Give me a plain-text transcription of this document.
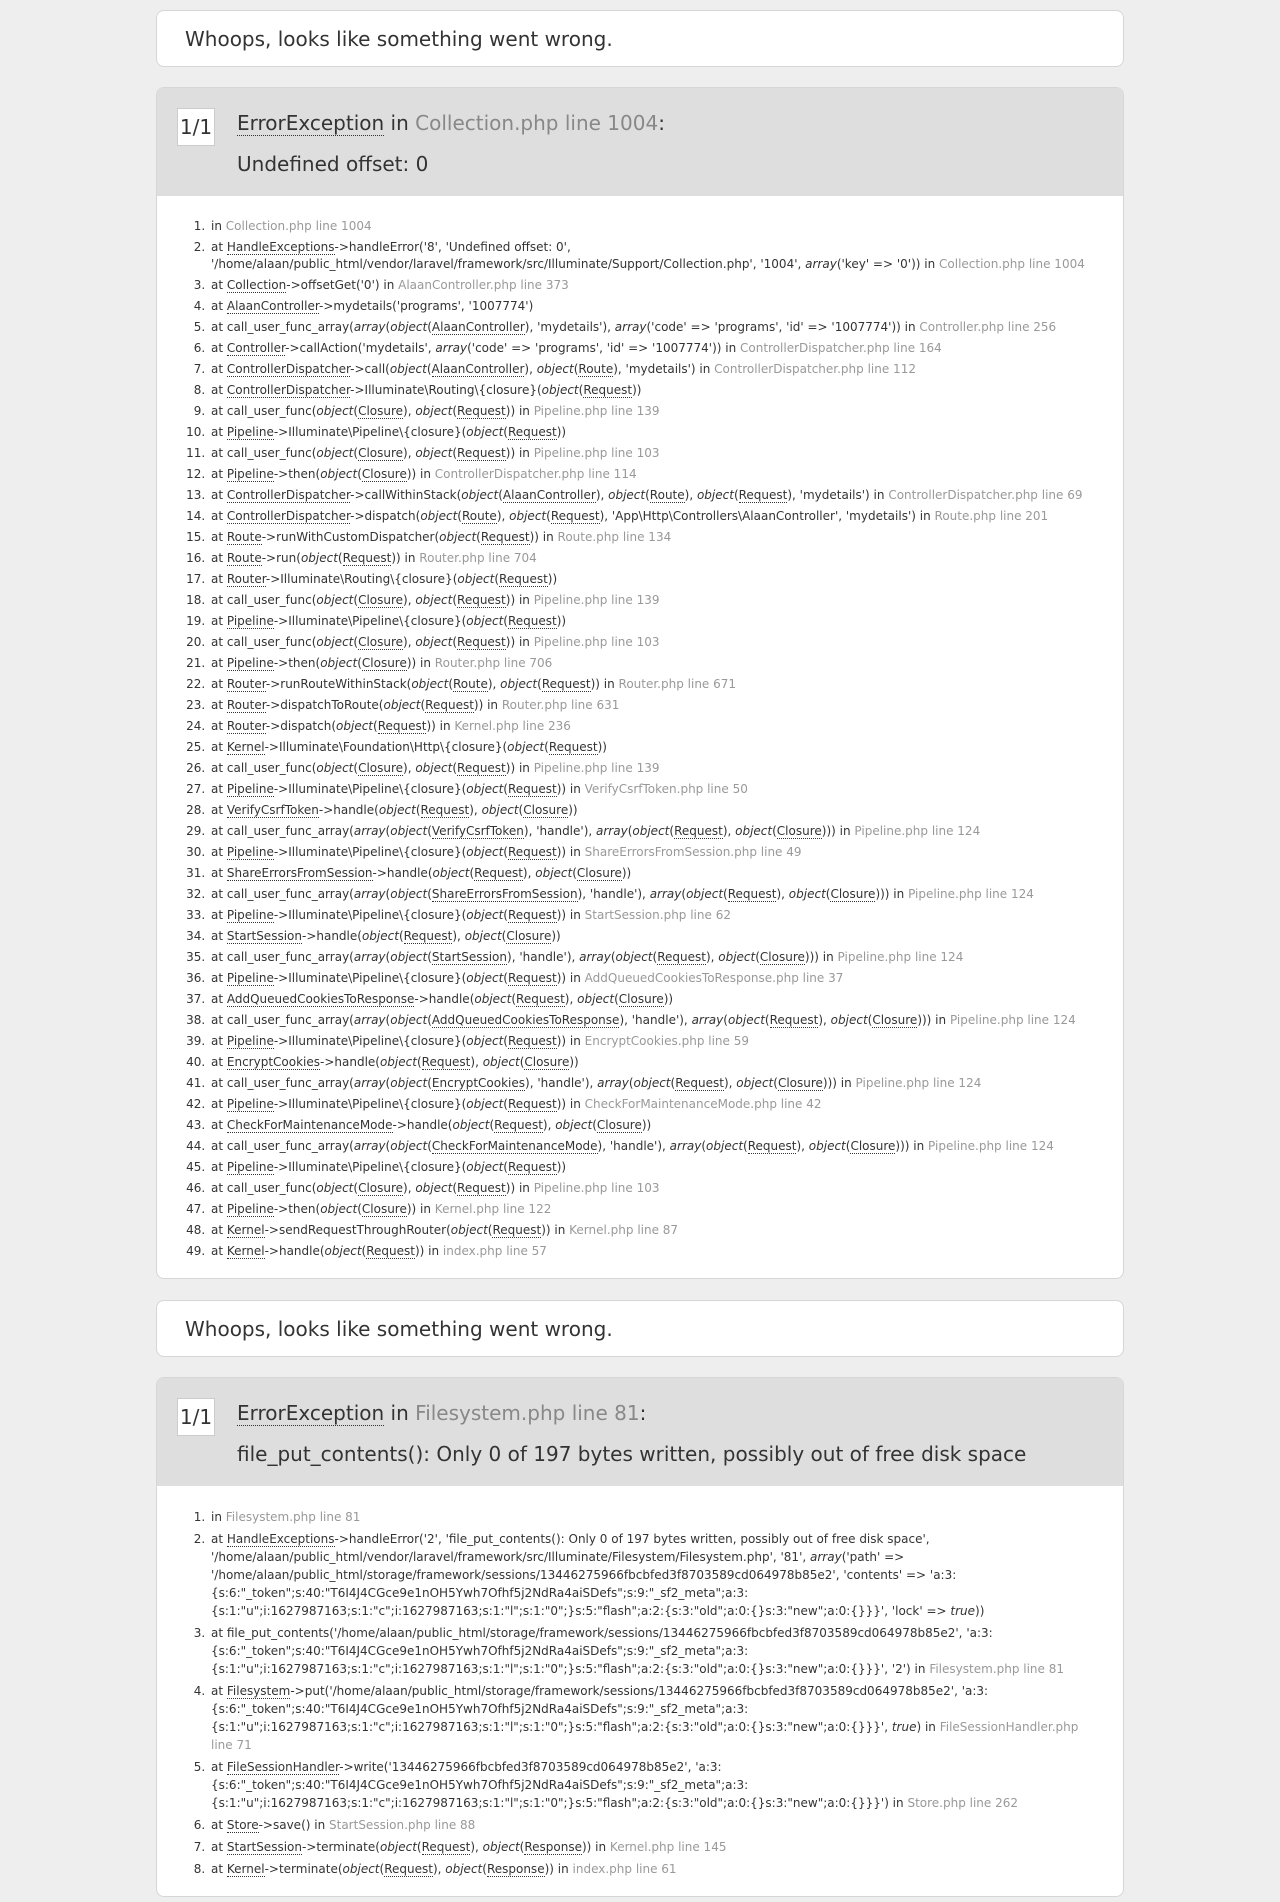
Whoops, looks like something went wrong.
1/1 ErrorException in Collection.php line 1004:
Undefined offset: 0
1. in Collection.php line 1004
2. at HandleExceptions->handleError('8', 'Undefined offset: 0', '/home/alaan/public_html/vendor/laravel/framework/src/Illuminate/Support/Collection.php', '1004', array('key' => '0')) in Collection.php line 1004
3. at Collection->offsetGet('0') in AlaanController.php line 373
4. at AlaanController->mydetails('programs', '1007774')
5. at call_user_func_array(array(object(AlaanController), 'mydetails'), array('code' => 'programs', 'id' => '1007774')) in Controller.php line 256
6. at Controller->callAction('mydetails', array('code' => 'programs', 'id' => '1007774')) in ControllerDispatcher.php line 164
7. at ControllerDispatcher->call(object(AlaanController), object(Route), 'mydetails') in ControllerDispatcher.php line 112
8. at ControllerDispatcher->Illuminate\Routing\{closure}(object(Request))
9. at call_user_func(object(Closure), object(Request)) in Pipeline.php line 139
10. at Pipeline->Illuminate\Pipeline\{closure}(object(Request))
11. at call_user_func(object(Closure), object(Request)) in Pipeline.php line 103
12. at Pipeline->then(object(Closure)) in ControllerDispatcher.php line 114
13. at ControllerDispatcher->callWithinStack(object(AlaanController), object(Route), object(Request), 'mydetails') in ControllerDispatcher.php line 69
14. at ControllerDispatcher->dispatch(object(Route), object(Request), 'App\Http\Controllers\AlaanController', 'mydetails') in Route.php line 201
15. at Route->runWithCustomDispatcher(object(Request)) in Route.php line 134
16. at Route->run(object(Request)) in Router.php line 704
17. at Router->Illuminate\Routing\{closure}(object(Request))
18. at call_user_func(object(Closure), object(Request)) in Pipeline.php line 139
19. at Pipeline->Illuminate\Pipeline\{closure}(object(Request))
20. at call_user_func(object(Closure), object(Request)) in Pipeline.php line 103
21. at Pipeline->then(object(Closure)) in Router.php line 706
22. at Router->runRouteWithinStack(object(Route), object(Request)) in Router.php line 671
23. at Router->dispatchToRoute(object(Request)) in Router.php line 631
24. at Router->dispatch(object(Request)) in Kernel.php line 236
25. at Kernel->Illuminate\Foundation\Http\{closure}(object(Request))
26. at call_user_func(object(Closure), object(Request)) in Pipeline.php line 139
27. at Pipeline->Illuminate\Pipeline\{closure}(object(Request)) in VerifyCsrfToken.php line 50
28. at VerifyCsrfToken->handle(object(Request), object(Closure))
29. at call_user_func_array(array(object(VerifyCsrfToken), 'handle'), array(object(Request), object(Closure))) in Pipeline.php line 124
30. at Pipeline->Illuminate\Pipeline\{closure}(object(Request)) in ShareErrorsFromSession.php line 49
31. at ShareErrorsFromSession->handle(object(Request), object(Closure))
32. at call_user_func_array(array(object(ShareErrorsFromSession), 'handle'), array(object(Request), object(Closure))) in Pipeline.php line 124
33. at Pipeline->Illuminate\Pipeline\{closure}(object(Request)) in StartSession.php line 62
34. at StartSession->handle(object(Request), object(Closure))
35. at call_user_func_array(array(object(StartSession), 'handle'), array(object(Request), object(Closure))) in Pipeline.php line 124
36. at Pipeline->Illuminate\Pipeline\{closure}(object(Request)) in AddQueuedCookiesToResponse.php line 37
37. at AddQueuedCookiesToResponse->handle(object(Request), object(Closure))
38. at call_user_func_array(array(object(AddQueuedCookiesToResponse), 'handle'), array(object(Request), object(Closure))) in Pipeline.php line 124
39. at Pipeline->Illuminate\Pipeline\{closure}(object(Request)) in EncryptCookies.php line 59
40. at EncryptCookies->handle(object(Request), object(Closure))
41. at call_user_func_array(array(object(EncryptCookies), 'handle'), array(object(Request), object(Closure))) in Pipeline.php line 124
42. at Pipeline->Illuminate\Pipeline\{closure}(object(Request)) in CheckForMaintenanceMode.php line 42
43. at CheckForMaintenanceMode->handle(object(Request), object(Closure))
44. at call_user_func_array(array(object(CheckForMaintenanceMode), 'handle'), array(object(Request), object(Closure))) in Pipeline.php line 124
45. at Pipeline->Illuminate\Pipeline\{closure}(object(Request))
46. at call_user_func(object(Closure), object(Request)) in Pipeline.php line 103
47. at Pipeline->then(object(Closure)) in Kernel.php line 122
48. at Kernel->sendRequestThroughRouter(object(Request)) in Kernel.php line 87
49. at Kernel->handle(object(Request)) in index.php line 57
Whoops, looks like something went wrong.
1/1 ErrorException in Filesystem.php line 81:
file_put_contents(): Only 0 of 197 bytes written, possibly out of free disk space
1. in Filesystem.php line 81
2. at HandleExceptions->handleError('2', 'file_put_contents(): Only 0 of 197 bytes written, possibly out of free disk space', '/home/alaan/public_html/vendor/laravel/framework/src/Illuminate/Filesystem/Filesystem.php', '81', array('path' =>
'/home/alaan/public_html/storage/framework/sessions/13446275966fbcbfed3f8703589cd064978b85e2', 'contents' => 'a:3:
{s:6:"_token";s:40:"T6I4J4CGce9e1nOH5Ywh7Ofhf5j2NdRa4aiSDefs";s:9:"_sf2_meta";a:3:
{s:1:"u";i:1627987163;s:1:"c";i:1627987163;s:1:"l";s:1:"0";}s:5:"flash";a:2:{s:3:"old";a:0:{}s:3:"new";a:0:{}}}', 'lock' => true))
3. at file_put_contents('/home/alaan/public_html/storage/framework/sessions/13446275966fbcbfed3f8703589cd064978b85e2', 'a:3:
{s:6:"_token";s:40:"T6I4J4CGce9e1nOH5Ywh7Ofhf5j2NdRa4aiSDefs";s:9:"_sf2_meta";a:3:
{s:1:"u";i:1627987163;s:1:"c";i:1627987163;s:1:"l";s:1:"0";}s:5:"flash";a:2:{s:3:"old";a:0:{}s:3:"new";a:0:{}}}', '2') in Filesystem.php line 81
4. at Filesystem->put('/home/alaan/public_html/storage/framework/sessions/13446275966fbcbfed3f8703589cd064978b85e2', 'a:3:
{s:6:"_token";s:40:"T6I4J4CGce9e1nOH5Ywh7Ofhf5j2NdRa4aiSDefs";s:9:"_sf2_meta";a:3:
{s:1:"u";i:1627987163;s:1:"c";i:1627987163;s:1:"l";s:1:"0";}s:5:"flash";a:2:{s:3:"old";a:0:{}s:3:"new";a:0:{}}}', true) in FileSessionHandler.php line 71
5. at FileSessionHandler->write('13446275966fbcbfed3f8703589cd064978b85e2', 'a:3:
{s:6:"_token";s:40:"T6I4J4CGce9e1nOH5Ywh7Ofhf5j2NdRa4aiSDefs";s:9:"_sf2_meta";a:3:
{s:1:"u";i:1627987163;s:1:"c";i:1627987163;s:1:"l";s:1:"0";}s:5:"flash";a:2:{s:3:"old";a:0:{}s:3:"new";a:0:{}}}') in Store.php line 262
6. at Store->save() in StartSession.php line 88
7. at StartSession->terminate(object(Request), object(Response)) in Kernel.php line 145
8. at Kernel->terminate(object(Request), object(Response)) in index.php line 61
